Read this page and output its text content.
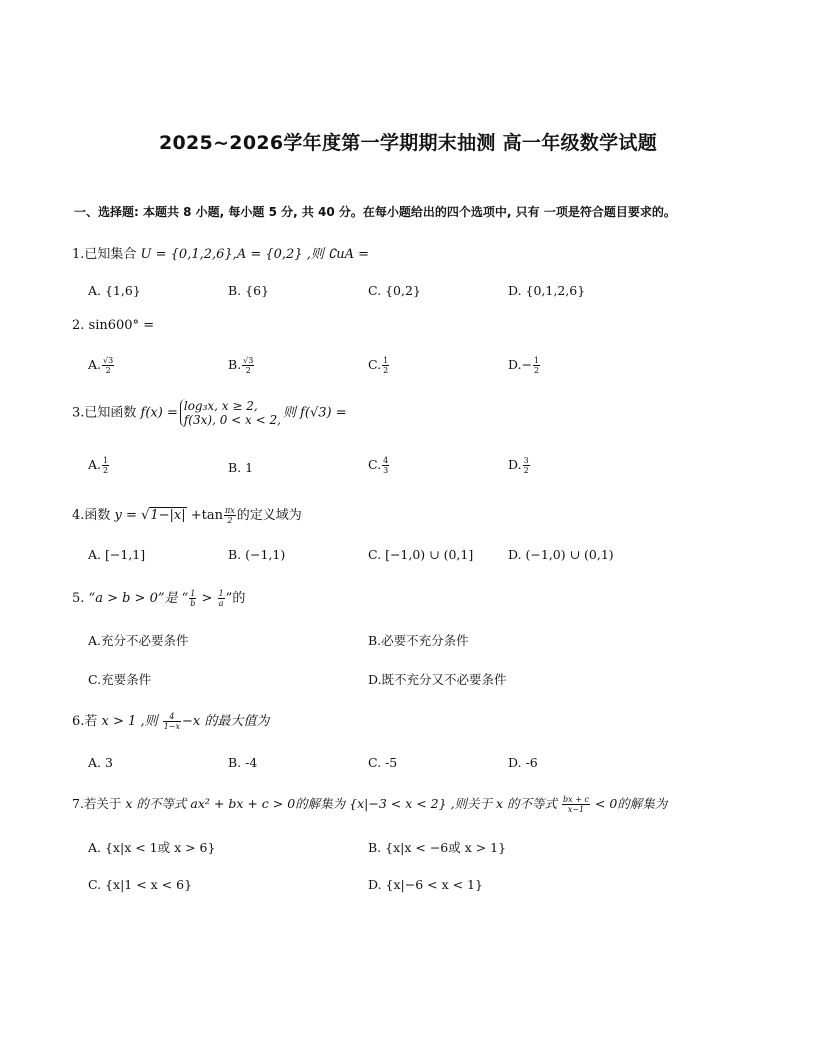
2025~2026学年度第一学期期末抽测 高一年级数学试题
一、选择题: 本题共 8 小题, 每小题 5 分, 共 40 分。在每小题给出的四个选项中, 只有 一项是符合题目要求的。
1.已知集合 U = {0,1,2,6},A = {0,2} ,则 ∁uA =
A. {1,6}	B. {6}	C. {0,2}	D. {0,1,2,6}
2. sin600° =
A. $\frac{√3}{2}$	B. $\frac{√3}{2}$	C. $\frac{1}{2}$	$D.- \frac{1}{2}$
3.已知函数 f(x) = log₃x, x ≥ 2,
f(3x), 0 < x < 2, 则 f(√3) =
A. $\frac{1}{2}$	B. 1	C. $\frac{4}{3}$	D. $\frac{3}{2}$
4.函数 $y = √1-|x| +\tan \frac{\pi x}{2}$ 的定义域为
A. [−1,1]	B. (−1,1)	C. [−1,0) ∪ (0,1]	D. (−1,0) ∪ (0,1)
5. “a > b > 0”是 “ $\frac{1}{b} > \frac{1}{a}$ ”的
A.充分不必要条件	B.必要不充分条件
C.充要条件	D.既不充分又不必要条件
6.若 x > 1 ,则 $\frac{4}{1-x} -x$ 的最大值为
A. 3	B. -4	C. -5	D. -6
7.若关于 x 的不等式 ax² + bx + c > 0的解集为 {x|−3 < x < 2} ,则关于 x 的不等式 $\frac{bx + c}{x-1} < 0$的解集为
A. {x|x < 1或 x > 6}	B. {x|x < −6或 x > 1}
C. {x|1 < x < 6}	D. {x|−6 < x < 1}
